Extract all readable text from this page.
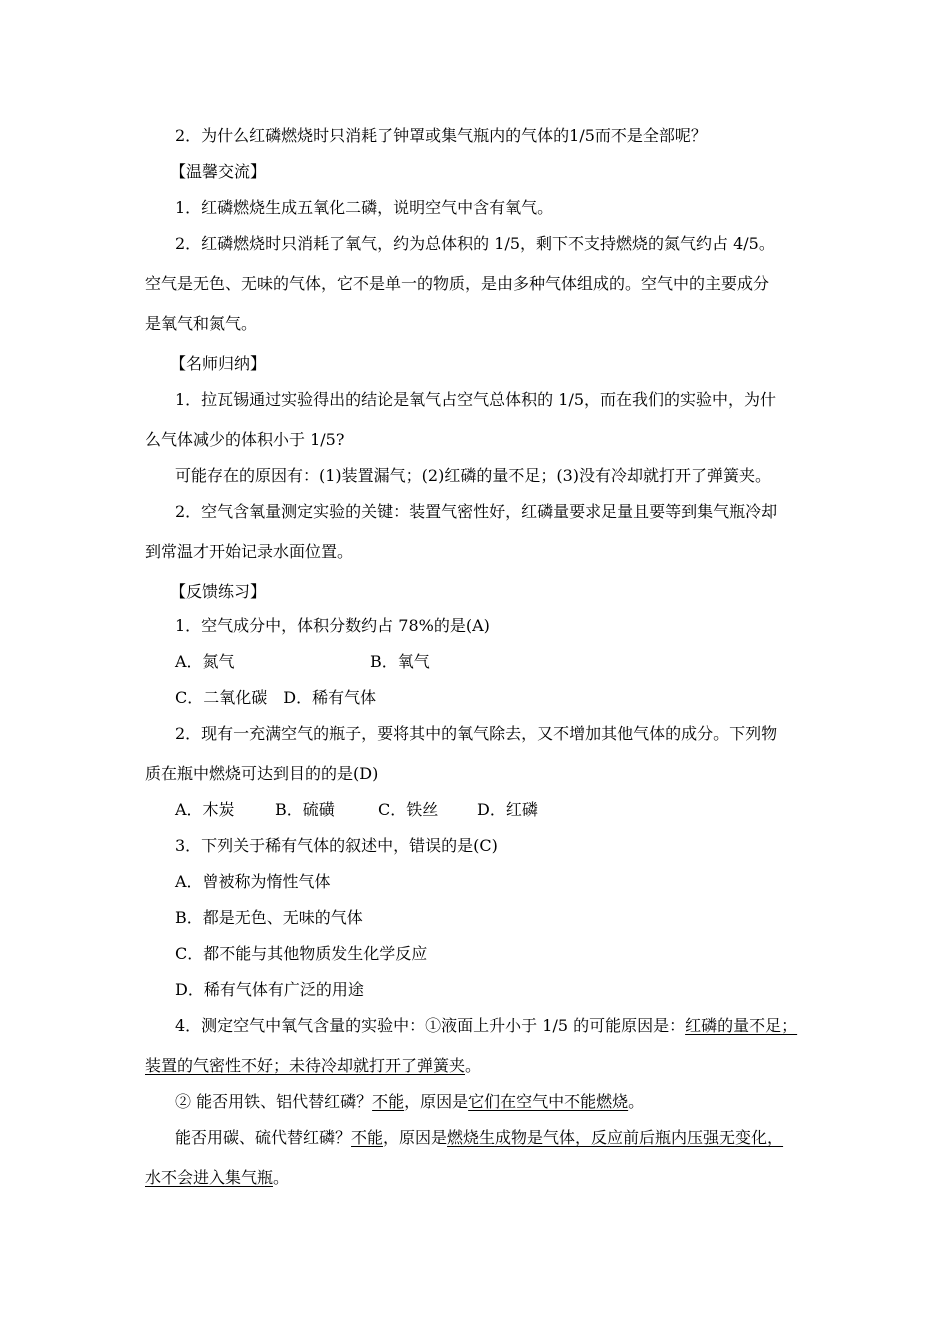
2．为什么红磷燃烧时只消耗了钟罩或集气瓶内的气体的1/5而不是全部呢？
【温馨交流】
1．红磷燃烧生成五氧化二磷，说明空气中含有氧气。
2．红磷燃烧时只消耗了氧气，约为总体积的 1/5，剩下不支持燃烧的氮气约占 4/5。
空气是无色、无味的气体，它不是单一的物质，是由多种气体组成的。空气中的主要成分
是氧气和氮气。
【名师归纳】
1．拉瓦锡通过实验得出的结论是氧气占空气总体积的 1/5，而在我们的实验中，为什
么气体减少的体积小于 1/5?
可能存在的原因有：(1)装置漏气；(2)红磷的量不足；(3)没有冷却就打开了弹簧夹。
2．空气含氧量测定实验的关键：装置气密性好，红磷量要求足量且要等到集气瓶冷却
到常温才开始记录水面位置。
【反馈练习】
1．空气成分中，体积分数约占 78%的是(A)
A．氮气	B．氧气
C．二氧化碳　D．稀有气体
2．现有一充满空气的瓶子，要将其中的氧气除去，又不增加其他气体的成分。下列物
质在瓶中燃烧可达到目的的是(D)
A．木炭	B．硫磺	C．铁丝 D．红磷
3．下列关于稀有气体的叙述中，错误的是(C)
A．曾被称为惰性气体
B．都是无色、无味的气体
C．都不能与其他物质发生化学反应
D．稀有气体有广泛的用途
4．测定空气中氧气含量的实验中：①液面上升小于 1/5 的可能原因是：红磷的量不足；
装置的气密性不好；未待冷却就打开了弹簧夹。
② 能否用铁、铝代替红磷？不能，原因是它们在空气中不能燃烧。
能否用碳、硫代替红磷？不能，原因是燃烧生成物是气体，反应前后瓶内压强无变化，
水不会进入集气瓶。
